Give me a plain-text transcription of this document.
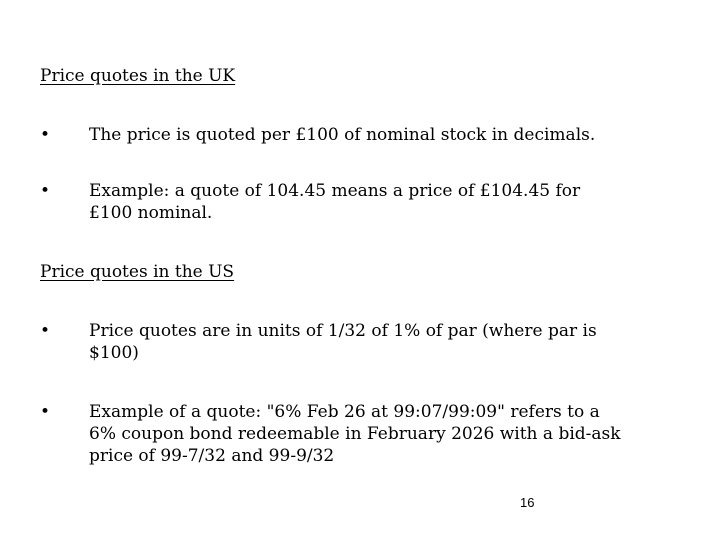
Price quotes in the UK
•	The price is quoted per £100 of nominal stock in decimals.
•	Example: a quote of 104.45 means a price of £104.45 for £100 nominal.
Price quotes in the US
•	Price quotes are in units of 1/32 of 1% of par (where par is $100)
•	Example of a quote: "6% Feb 26 at 99:07/99:09" refers to a 6% coupon bond redeemable in February 2026 with a bid-ask price of 99-7/32 and 99-9/32
16
